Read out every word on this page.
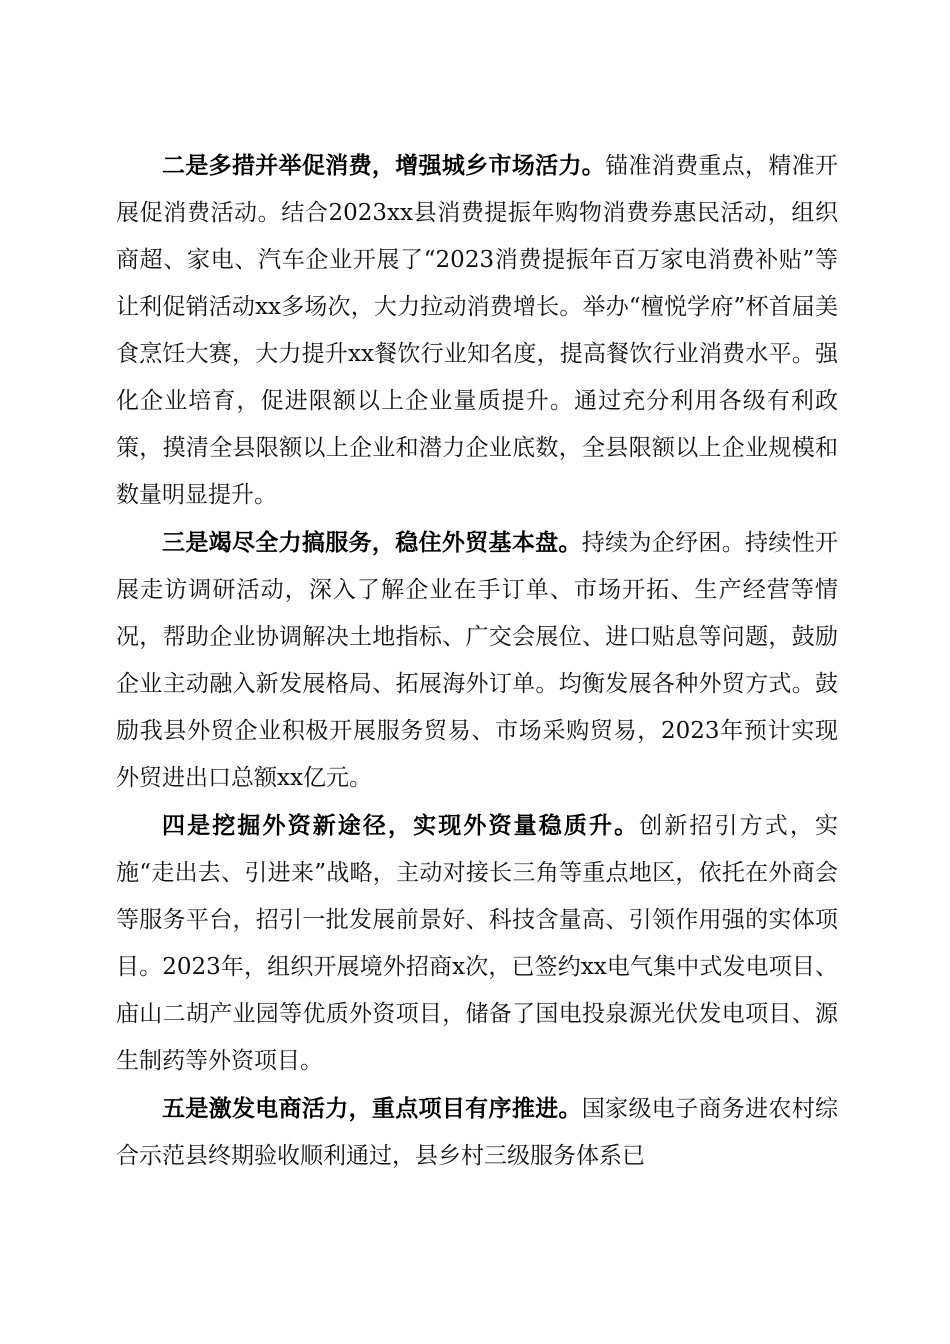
二是多措并举促消费，增强城乡市场活力。锚准消费重点，精准开展促消费活动。结合2023xx县消费提振年购物消费券惠民活动，组织商超、家电、汽车企业开展了“2023消费提振年百万家电消费补贴”等让利促销活动xx多场次，大力拉动消费增长。举办“檀悦学府”杯首届美食烹饪大赛，大力提升xx餐饮行业知名度，提高餐饮行业消费水平。强化企业培育，促进限额以上企业量质提升。通过充分利用各级有利政策，摸清全县限额以上企业和潜力企业底数，全县限额以上企业规模和数量明显提升。

三是竭尽全力搞服务，稳住外贸基本盘。持续为企纾困。持续性开展走访调研活动，深入了解企业在手订单、市场开拓、生产经营等情况，帮助企业协调解决土地指标、广交会展位、进口贴息等问题，鼓励企业主动融入新发展格局、拓展海外订单。均衡发展各种外贸方式。鼓励我县外贸企业积极开展服务贸易、市场采购贸易，2023年预计实现外贸进出口总额xx亿元。

四是挖掘外资新途径，实现外资量稳质升。创新招引方式，实施“走出去、引进来”战略，主动对接长三角等重点地区，依托在外商会等服务平台，招引一批发展前景好、科技含量高、引领作用强的实体项目。2023年，组织开展境外招商x次，已签约xx电气集中式发电项目、庙山二胡产业园等优质外资项目，储备了国电投泉源光伏发电项目、源生制药等外资项目。

五是激发电商活力，重点项目有序推进。国家级电子商务进农村综合示范县终期验收顺利通过，县乡村三级服务体系已
